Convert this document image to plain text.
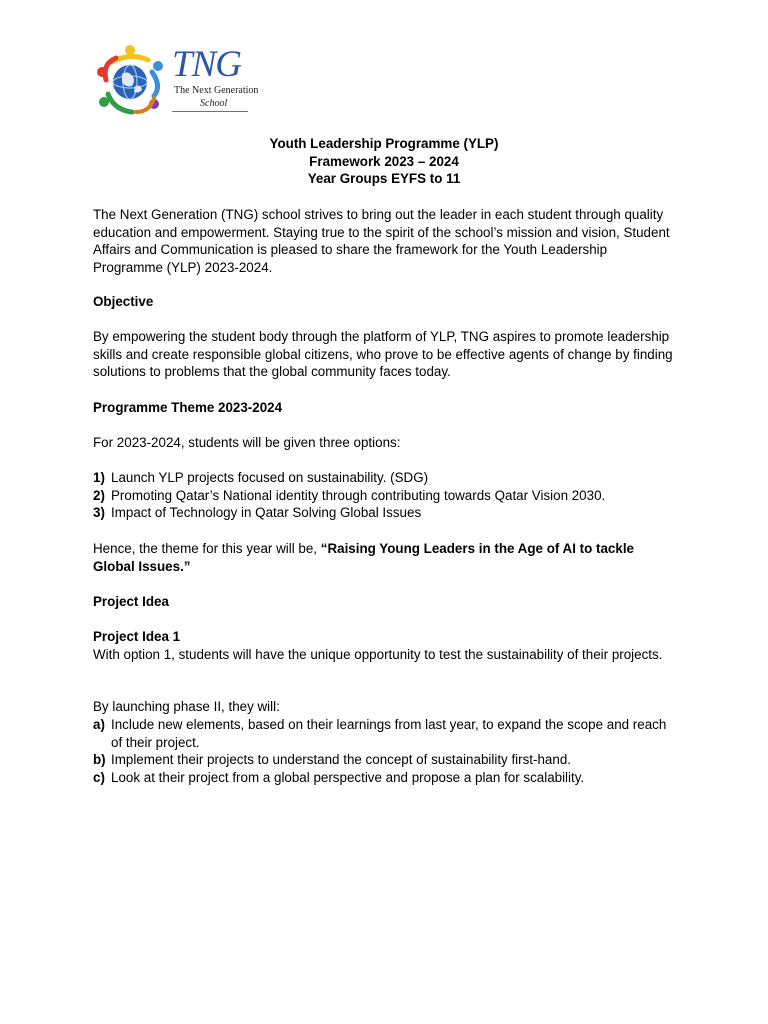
TNG
The Next Generation
School
Youth Leadership Programme (YLP)
Framework 2023 – 2024
Year Groups EYFS to 11

The Next Generation (TNG) school strives to bring out the leader in each student through quality education and empowerment. Staying true to the spirit of the school’s mission and vision, Student Affairs and Communication is pleased to share the framework for the Youth Leadership Programme (YLP) 2023-2024.

Objective

By empowering the student body through the platform of YLP, TNG aspires to promote leadership skills and create responsible global citizens, who prove to be effective agents of change by finding solutions to problems that the global community faces today.

Programme Theme 2023-2024

For 2023-2024, students will be given three options:

1) Launch YLP projects focused on sustainability. (SDG)
2) Promoting Qatar’s National identity through contributing towards Qatar Vision 2030.
3) Impact of Technology in Qatar Solving Global Issues

Hence, the theme for this year will be, “Raising Young Leaders in the Age of AI to tackle Global Issues.”

Project Idea

Project Idea 1

With option 1, students will have the unique opportunity to test the sustainability of their projects.

By launching phase II, they will:

a) Include new elements, based on their learnings from last year, to expand the scope and reach of their project.
b) Implement their projects to understand the concept of sustainability first-hand.
c) Look at their project from a global perspective and propose a plan for scalability.
